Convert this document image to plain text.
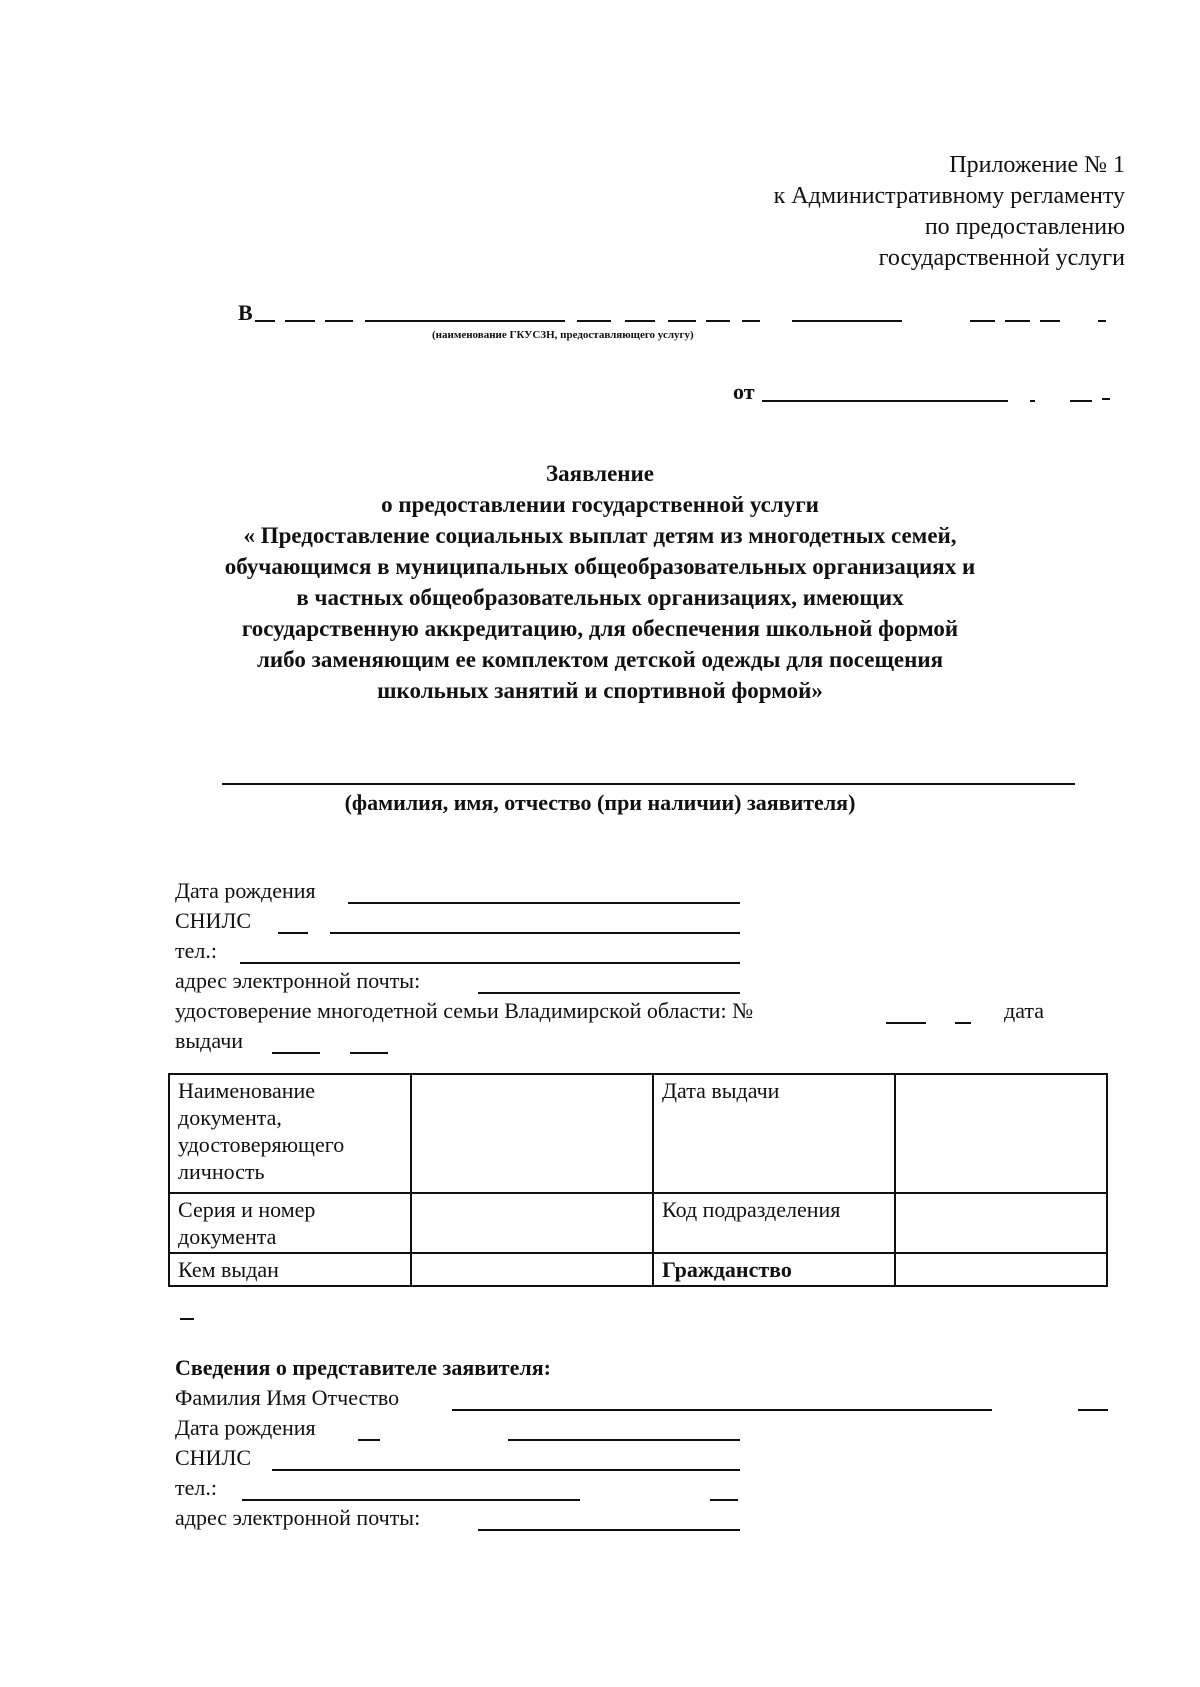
Приложение № 1
к Административному регламенту
по предоставлению
государственной услуги
В
(наименование ГКУСЗН, предоставляющего услугу)
от
Заявление
о предоставлении государственной услуги
« Предоставление социальных выплат детям из многодетных семей,
обучающимся в муниципальных общеобразовательных организациях и
в частных общеобразовательных организациях, имеющих
государственную аккредитацию, для обеспечения школьной формой
либо заменяющим ее комплектом детской одежды для посещения
школьных занятий и спортивной формой»
(фамилия, имя, отчество (при наличии) заявителя)
Дата рождения
СНИЛС
тел.:
адрес электронной почты:
удостоверение многодетной семьи Владимирской области: №	дата
выдачи
Наименование документа, удостоверяющего личность		Дата выдачи	
Серия и номер документа		Код подразделения	
Кем выдан		Гражданство	
Сведения о представителе заявителя:
Фамилия Имя Отчество
Дата рождения
СНИЛС
тел.:
адрес электронной почты:
